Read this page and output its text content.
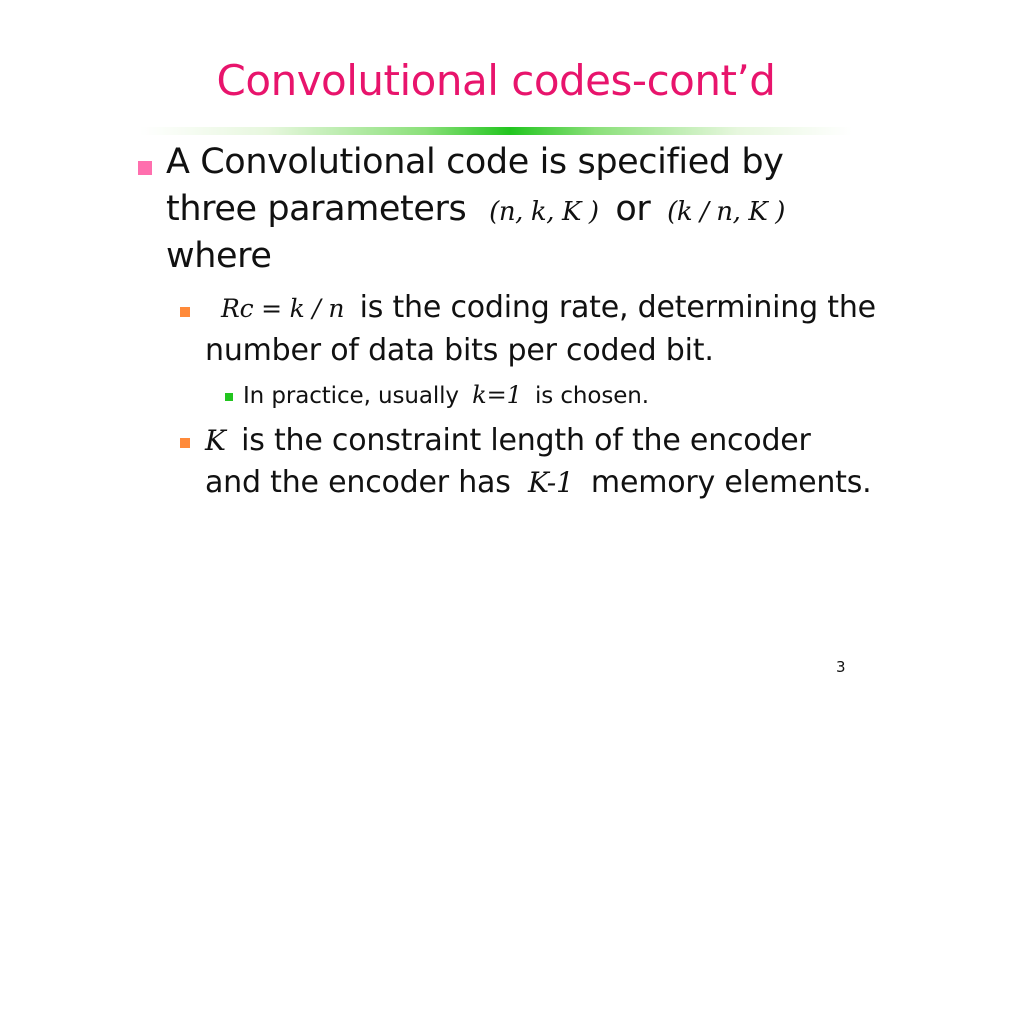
Convolutional codes-cont’d
A Convolutional code is specified by
three parameters (n, k, K ) or (k / n, K )
where
Rc = k / n is the coding rate, determining the
number of data bits per coded bit.
In practice, usually k=1 is chosen.
K is the constraint length of the encoder
and the encoder has K-1 memory elements.
3
